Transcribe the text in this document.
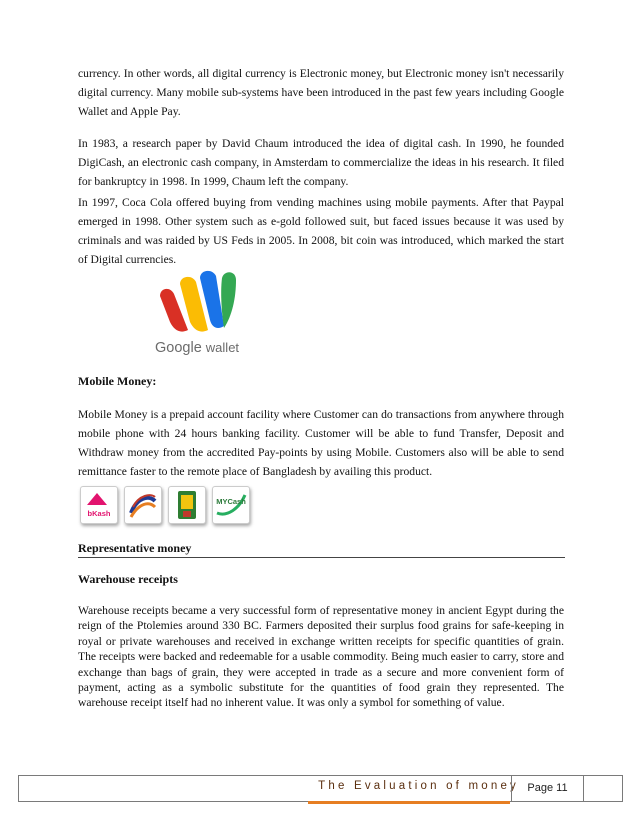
currency. In other words, all digital currency is Electronic money, but Electronic money isn't necessarily digital currency. Many mobile sub-systems have been introduced in the past few years including Google Wallet and Apple Pay.

In 1983, a research paper by David Chaum introduced the idea of digital cash. In 1990, he founded DigiCash, an electronic cash company, in Amsterdam to commercialize the ideas in his research. It filed for bankruptcy in 1998. In 1999, Chaum left the company.

In 1997, Coca Cola offered buying from vending machines using mobile payments. After that Paypal emerged in 1998. Other system such as e-gold followed suit, but faced issues because it was used by criminals and was raided by US Feds in 2005. In 2008, bit coin was introduced, which marked the start of Digital currencies.

Google wallet
Mobile Money:

Mobile Money is a prepaid account facility where Customer can do transactions from anywhere through mobile phone with 24 hours banking facility. Customer will be able to fund Transfer, Deposit and Withdraw money from the accredited Pay-points by using Mobile. Customers also will be able to send remittance faster to the remote place of Bangladesh by availing this product.

bKash
MYCash
Representative money
Warehouse receipts

Warehouse receipts became a very successful form of representative money in ancient Egypt during the reign of the Ptolemies around 330 BC. Farmers deposited their surplus food grains for safe-keeping in royal or private warehouses and received in exchange written receipts for specific quantities of grain. The receipts were backed and redeemable for a usable commodity. Being much easier to carry, store and exchange than bags of grain, they were accepted in trade as a secure and more convenient form of payment, acting as a symbolic substitute for the quantities of food grain they represented. The warehouse receipt itself had no inherent value. It was only a symbol for something of value.

The Evaluation of money Page 11
